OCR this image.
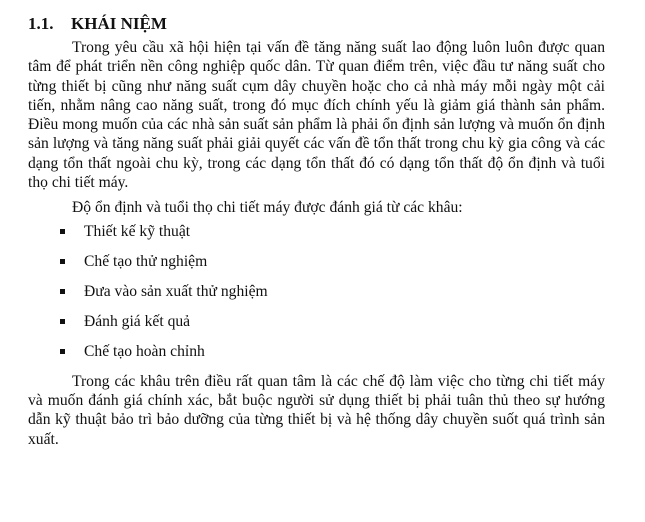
1.1. KHÁI NIỆM

Trong yêu cầu xã hội hiện tại vấn đề tăng năng suất lao động luôn luôn được quan tâm để phát triển nền công nghiệp quốc dân. Từ quan điểm trên, việc đầu tư năng suất cho từng thiết bị cũng như năng suất cụm dây chuyền hoặc cho cả nhà máy mỗi ngày một cải tiến, nhằm nâng cao năng suất, trong đó mục đích chính yếu là giảm giá thành sản phẩm. Điều mong muốn của các nhà sản suất sản phẩm là phải ổn định sản lượng và muốn ổn định sản lượng và tăng năng suất phải giải quyết các vấn đề tổn thất trong chu kỳ gia công và các dạng tổn thất ngoài chu kỳ, trong các dạng tổn thất đó có dạng tổn thất độ ổn định và tuổi thọ chi tiết máy.

Độ ổn định và tuổi thọ chi tiết máy được đánh giá từ các khâu:

Thiết kế kỹ thuật
Chế tạo thử nghiệm
Đưa vào sản xuất thử nghiệm
Đánh giá kết quả
Chế tạo hoàn chỉnh

Trong các khâu trên điều rất quan tâm là các chế độ làm việc cho từng chi tiết máy và muốn đánh giá chính xác, bắt buộc người sử dụng thiết bị phải tuân thủ theo sự hướng dẫn kỹ thuật bảo trì bảo dưỡng của từng thiết bị và hệ thống dây chuyền suốt quá trình sản xuất.
